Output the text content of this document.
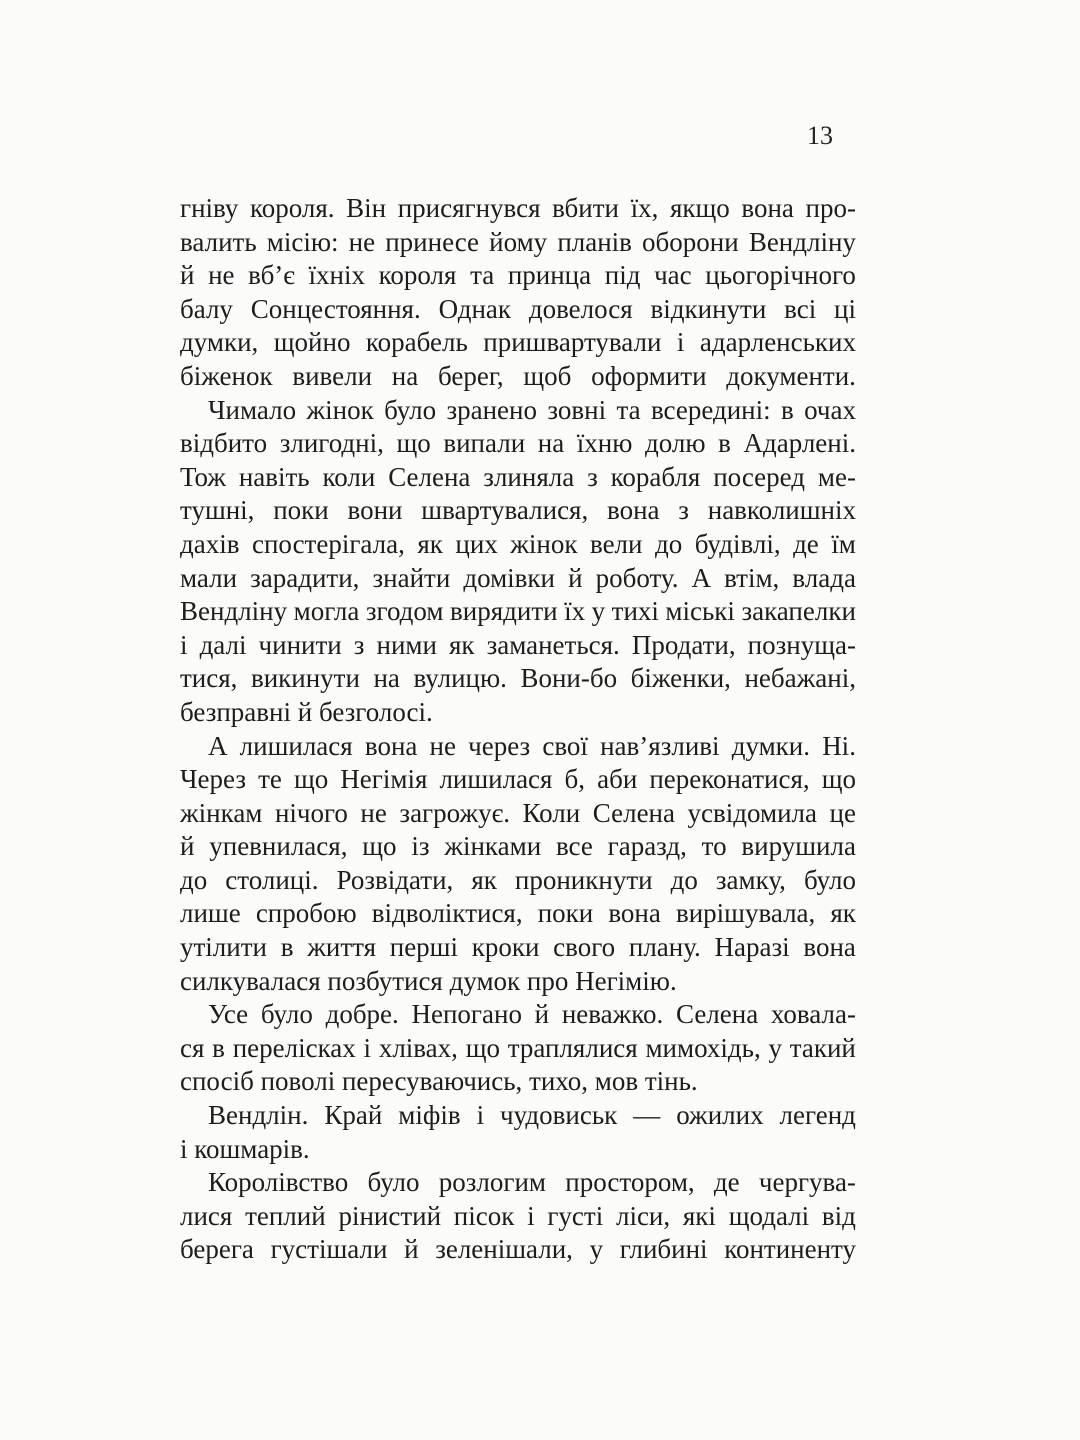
13
гніву короля. Він присягнувся вбити їх, якщо вона про-
валить місію: не принесе йому планів оборони Вендліну
й не вб’є їхніх короля та принца під час цьогорічного
балу Сонцестояння. Однак довелося відкинути всі ці
думки, щойно корабель пришвартували і адарленських
біженок вивели на берег, щоб оформити документи.
Чимало жінок було зранено зовні та всередині: в очах
відбито злигодні, що випали на їхню долю в Адарлені.
Тож навіть коли Селена злиняла з корабля посеред ме-
тушні, поки вони швартувалися, вона з навколишніх
дахів спостерігала, як цих жінок вели до будівлі, де їм
мали зарадити, знайти домівки й роботу. А втім, влада
Вендліну могла згодом вирядити їх у тихі міські закапелки
і далі чинити з ними як заманеться. Продати, познуща-
тися, викинути на вулицю. Вони-бо біженки, небажані,
безправні й безголосі.
А лишилася вона не через свої нав’язливі думки. Ні.
Через те що Негімія лишилася б, аби переконатися, що
жінкам нічого не загрожує. Коли Селена усвідомила це
й упевнилася, що із жінками все гаразд, то вирушила
до столиці. Розвідати, як проникнути до замку, було
лише спробою відволіктися, поки вона вирішувала, як
утілити в життя перші кроки свого плану. Наразі вона
силкувалася позбутися думок про Негімію.
Усе було добре. Непогано й неважко. Селена ховала-
ся в перелісках і хлівах, що траплялися мимохідь, у такий
спосіб поволі пересуваючись, тихо, мов тінь.
Вендлін. Край міфів і чудовиськ — ожилих легенд
і кошмарів.
Королівство було розлогим простором, де чергува-
лися теплий рінистий пісок і густі ліси, які щодалі від
берега густішали й зеленішали, у глибині континенту
